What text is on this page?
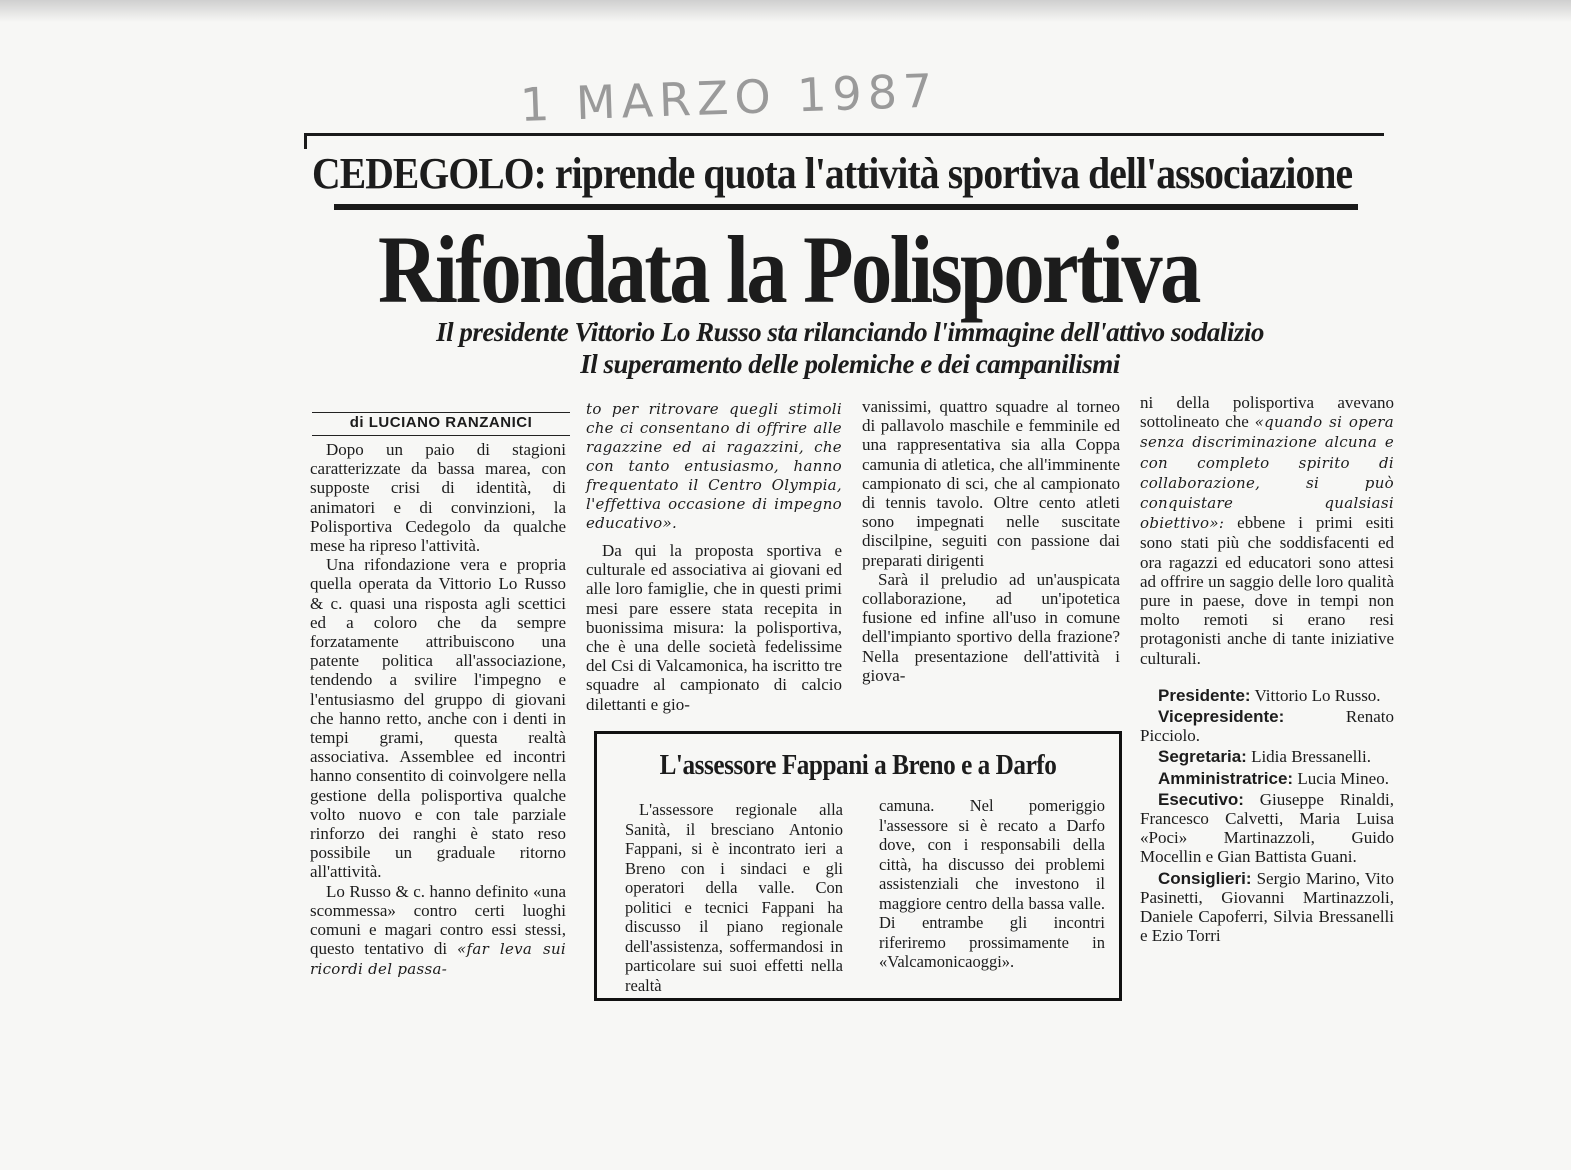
1 MARZO 1987
CEDEGOLO: riprende quota l'attività sportiva dell'associazione
Rifondata la Polisportiva
Il presidente Vittorio Lo Russo sta rilanciando l'immagine dell'attivo sodalizio
Il superamento delle polemiche e dei campanilismi
di LUCIANO RANZANICI

Dopo un paio di stagioni caratterizzate da bassa marea, con supposte crisi di identità, di animatori e di convinzioni, la Polisportiva Cedegolo da qualche mese ha ripreso l'attività.

Una rifondazione vera e propria quella operata da Vittorio Lo Russo & c. quasi una risposta agli scettici ed a coloro che da sempre forzatamente attribuiscono una patente politica all'associazione, tendendo a svilire l'impegno e l'entusiasmo del gruppo di giovani che hanno retto, anche con i denti in tempi grami, questa realtà associativa. Assemblee ed incontri hanno consentito di coinvolgere nella gestione della polisportiva qualche volto nuovo e con tale parziale rinforzo dei ranghi è stato reso possibile un graduale ritorno all'attività.

Lo Russo & c. hanno definito «una scommessa» contro certi luoghi comuni e magari contro essi stessi, questo tentativo di «far leva sui ricordi del passa-

to per ritrovare quegli stimoli che ci consentano di offrire alle ragazzine ed ai ragazzini, che con tanto entusiasmo, hanno frequentato il Centro Olympia, l'effettiva occasione di impegno educativo».

Da qui la proposta sportiva e culturale ed associativa ai giovani ed alle loro famiglie, che in questi primi mesi pare essere stata recepita in buonissima misura: la polisportiva, che è una delle società fedelissime del Csi di Valcamonica, ha iscritto tre squadre al campionato di calcio dilettanti e gio-

vanissimi, quattro squadre al torneo di pallavolo maschile e femminile ed una rappresentativa sia alla Coppa camunia di atletica, che all'imminente campionato di sci, che al campionato di tennis tavolo. Oltre cento atleti sono impegnati nelle suscitate discilpine, seguiti con passione dai preparati dirigenti

Sarà il preludio ad un'auspicata collaborazione, ad un'ipotetica fusione ed infine all'uso in comune dell'impianto sportivo della frazione? Nella presentazione dell'attività i giova-

ni della polisportiva avevano sottolineato che «quando si opera senza discriminazione alcuna e con completo spirito di collaborazione, si può conquistare qualsiasi obiettivo»: ebbene i primi esiti sono stati più che soddisfacenti ed ora ragazzi ed educatori sono attesi ad offrire un saggio delle loro qualità pure in paese, dove in tempi non molto remoti si erano resi protagonisti anche di tante iniziative culturali.

Presidente: Vittorio Lo Russo.

Vicepresidente:	Renato Picciolo.

Segretaria: Lidia Bressanelli.

Amministratrice: Lucia Mineo.

Esecutivo: Giuseppe Rinaldi, Francesco Calvetti, Maria Luisa «Poci» Martinazzoli, Guido Mocellin e Gian Battista Guani.

Consiglieri: Sergio Marino, Vito Pasinetti, Giovanni Martinazzoli, Daniele Capoferri, Silvia Bressanelli e Ezio Torri

L'assessore Fappani a Breno e a Darfo

L'assessore regionale alla Sanità, il bresciano Antonio Fappani, si è incontrato ieri a Breno con i sindaci e gli operatori della valle. Con politici e tecnici Fappani ha discusso il piano regionale dell'assistenza, soffermandosi in particolare sui suoi effetti nella realtà

camuna. Nel pomeriggio l'assessore si è recato a Darfo dove, con i responsabili della città, ha discusso dei problemi assistenziali che investono il maggiore centro della bassa valle. Di entrambe gli incontri riferiremo prossimamente in «Valcamonicaoggi».
